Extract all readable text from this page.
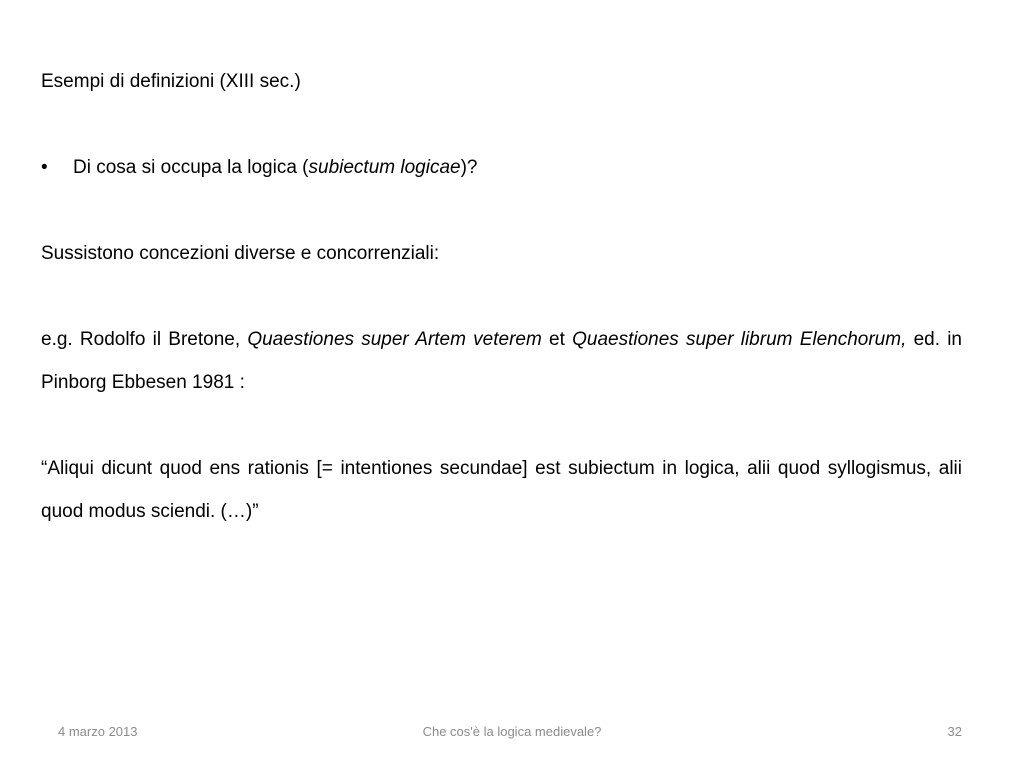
Esempi di definizioni (XIII sec.)

•	Di cosa si occupa la logica (subiectum logicae)?

Sussistono concezioni diverse e concorrenziali:

e.g. Rodolfo il Bretone, Quaestiones super Artem veterem et Quaestiones super librum Elenchorum, ed. in Pinborg Ebbesen 1981 :

“Aliqui dicunt quod ens rationis [= intentiones secundae] est subiectum in logica, alii quod syllogismus, alii quod modus sciendi. (…)”

4 marzo 2013	Che cos'è la logica medievale?	32
